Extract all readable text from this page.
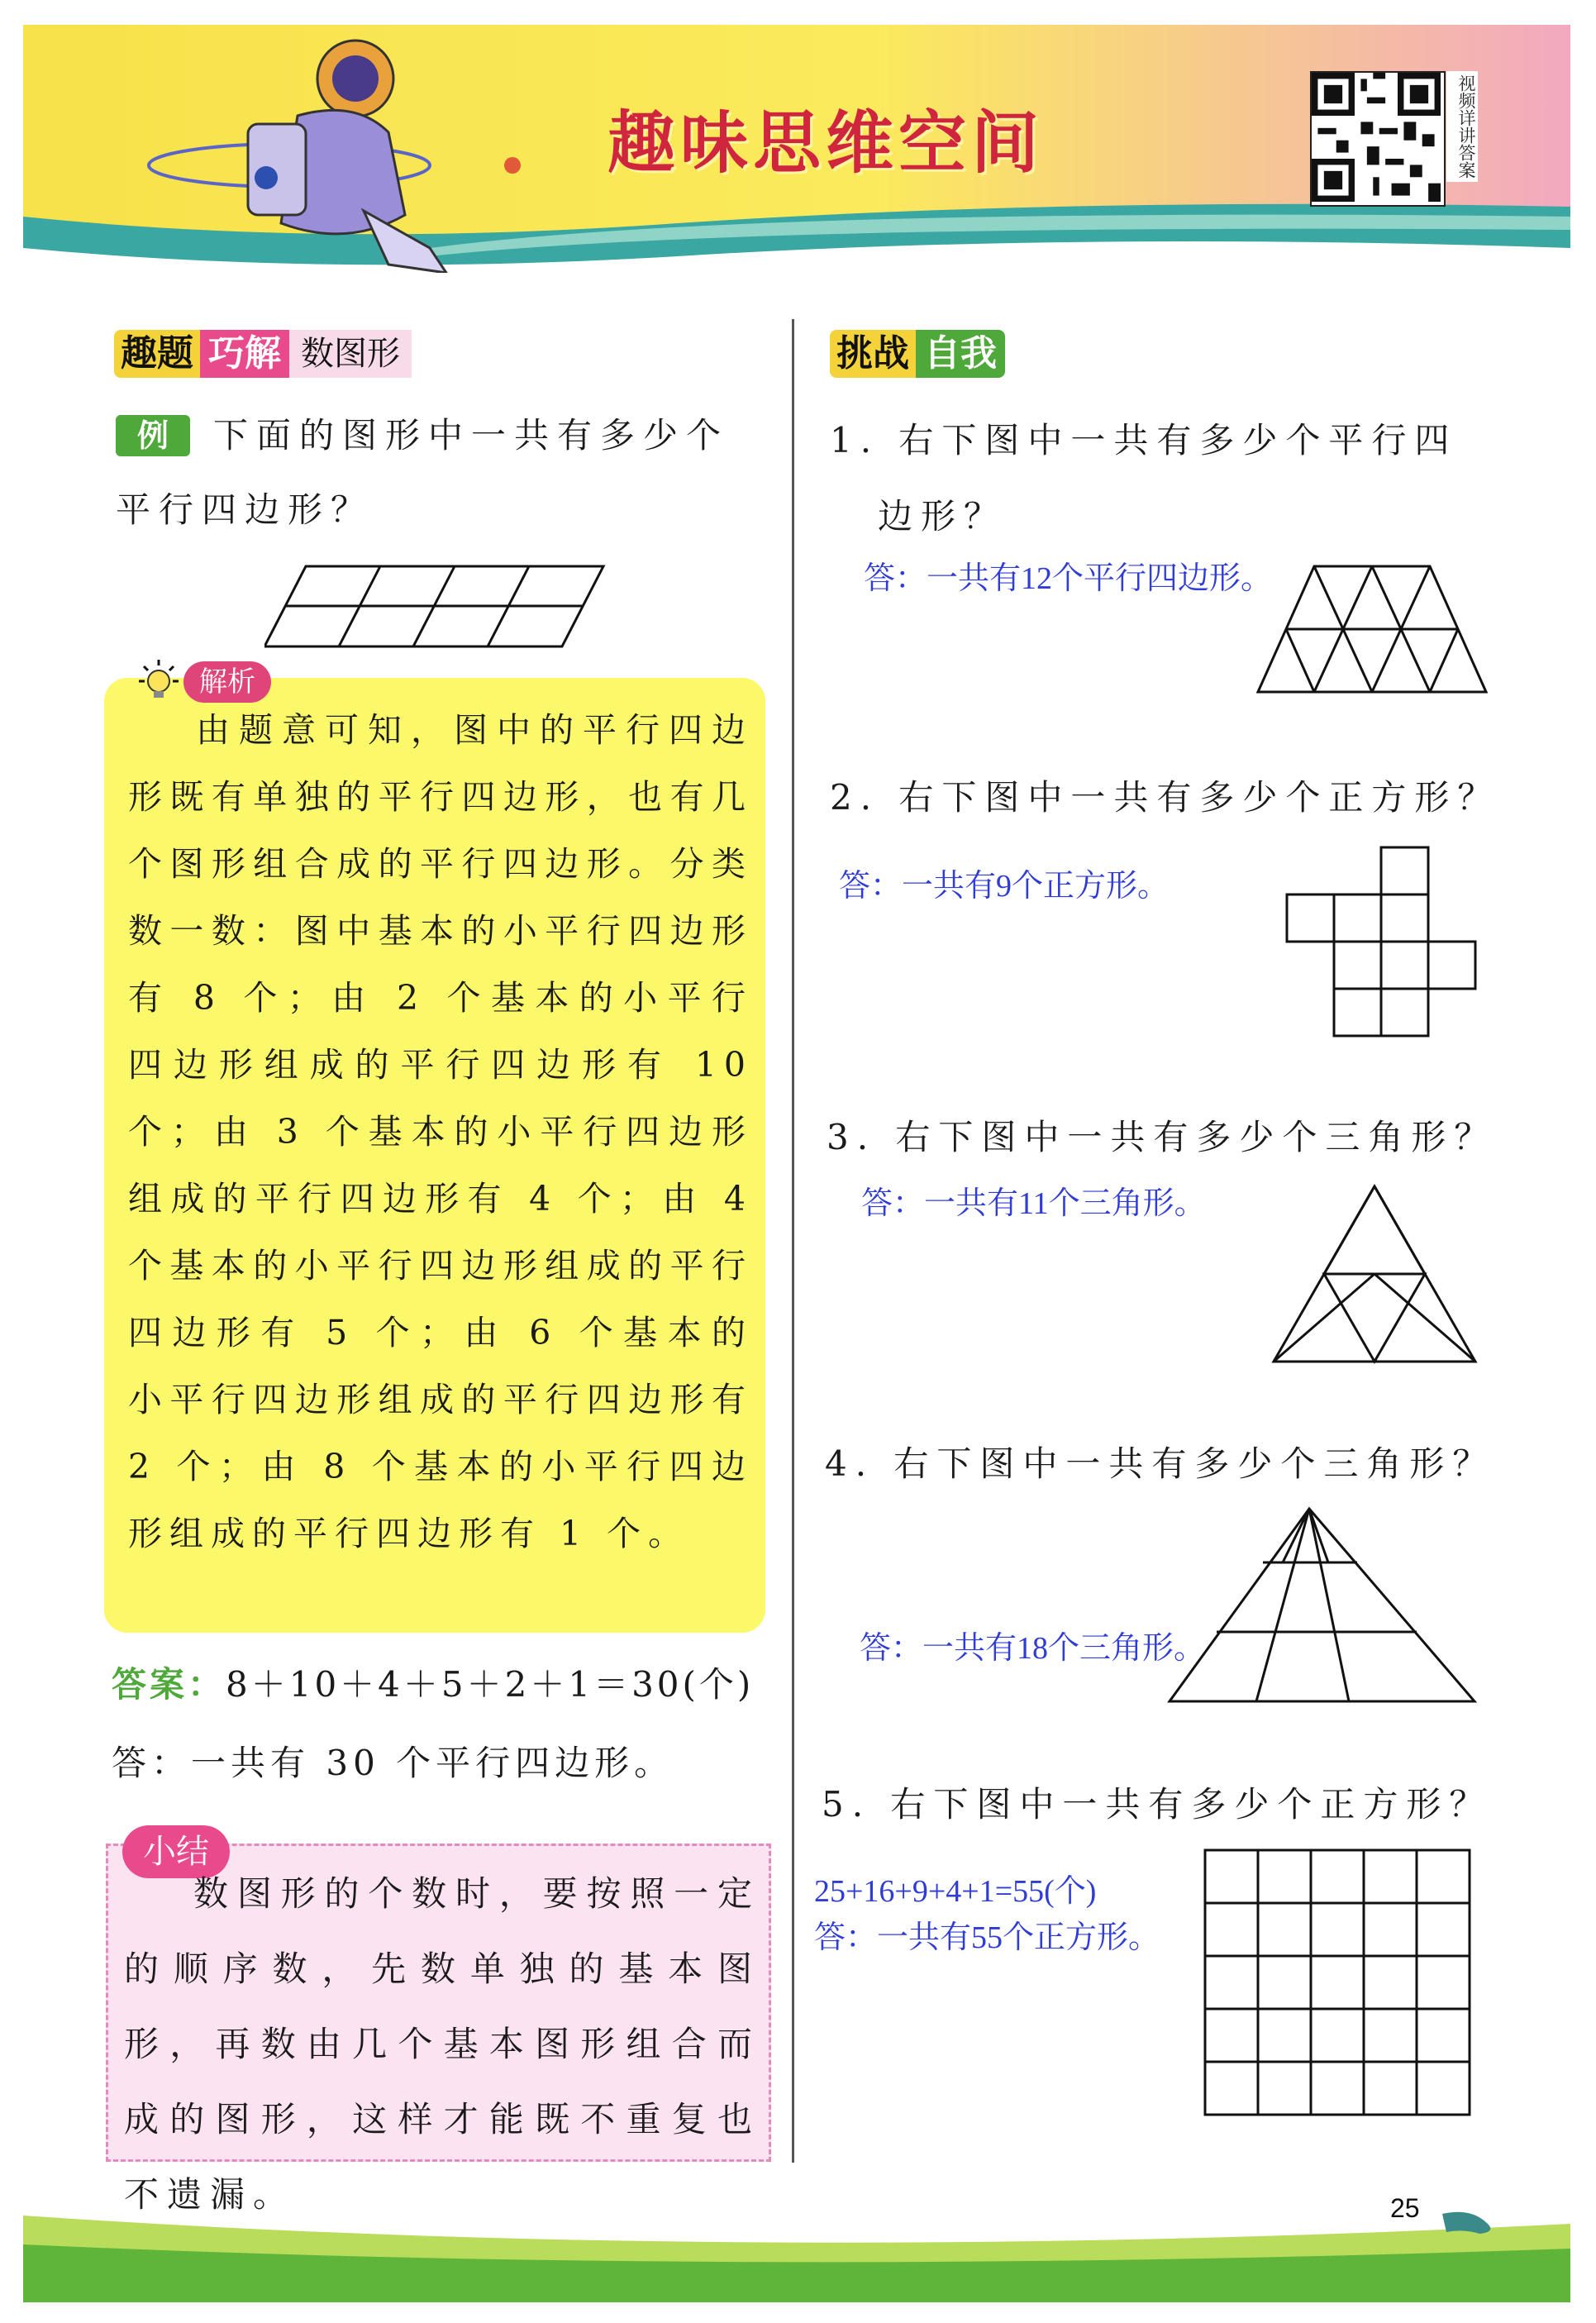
趣味思维空间	视频详讲答案
趣题 巧解 数图形
例	下面的图形中一共有多少个
平行四边形？
解析
由题意可知，图中的平行四边形既有单独的平行四边形，也有几个图形组合成的平行四边形。分类数一数：图中基本的小平行四边形有 8 个；由 2 个基本的小平行四边形组成的平行四边形有 10 个；由 3 个基本的小平行四边形组成的平行四边形有 4 个；由 4 个基本的小平行四边形组成的平行四边形有 5 个；由 6 个基本的小平行四边形组成的平行四边形有 2 个；由 8 个基本的小平行四边形组成的平行四边形有 1 个。
答案：8＋10＋4＋5＋2＋1＝30(个)
答：一共有 30 个平行四边形。
小结
数图形的个数时，要按照一定的顺序数，先数单独的基本图形，再数由几个基本图形组合而成的图形，这样才能既不重复也不遗漏。
挑战 自我
1. 右下图中一共有多少个平行四
边形？
答：一共有12个平行四边形。
2. 右下图中一共有多少个正方形？
答：一共有9个正方形。
3. 右下图中一共有多少个三角形？
答：一共有11个三角形。
4. 右下图中一共有多少个三角形？
答：一共有18个三角形。
5. 右下图中一共有多少个正方形？
25+16+9+4+1=55(个)
答：一共有55个正方形。
25
